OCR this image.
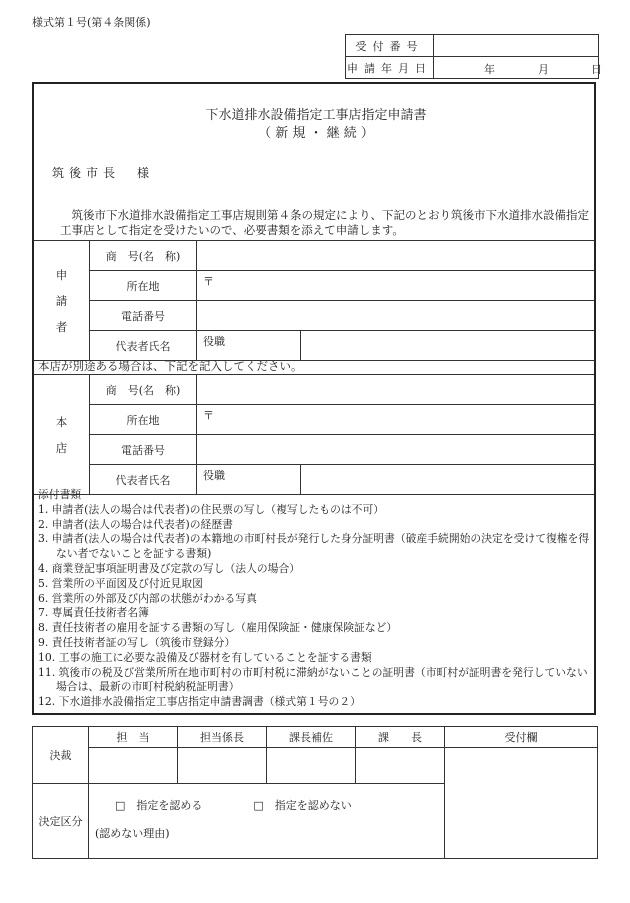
様式第１号(第４条関係)
受付番号	
申請年月日	年 月 日
下水道排水設備指定工事店指定申請書
（ 新 規 ・ 継 続 ）
筑後市長　様
　筑後市下水道排水設備指定工事店規則第４条の規定により、下記のとおり筑後市下水道排水設備指定工事店として指定を受けたいので、必要書類を添えて申請します。
申請者	商　号(名　称)		
	所在地	〒	
	電話番号		
	代表者氏名	役職	
本店が別途ある場合は、下記を記入してください。
本店	商　号(名　称)		
	所在地	〒	
	電話番号		
	代表者氏名	役職	
添付書類
1. 申請者(法人の場合は代表者)の住民票の写し（複写したものは不可）
2. 申請者(法人の場合は代表者)の経歴書
3. 申請者(法人の場合は代表者)の本籍地の市町村長が発行した身分証明書（破産手続開始の決定を受けて復権を得ない者でないことを証する書類)
4. 商業登記事項証明書及び定款の写し（法人の場合）
5. 営業所の平面図及び付近見取図
6. 営業所の外部及び内部の状態がわかる写真
7. 専属責任技術者名簿
8. 責任技術者の雇用を証する書類の写し（雇用保険証・健康保険証など）
9. 責任技術者証の写し（筑後市登録分）
10. 工事の施工に必要な設備及び器材を有していることを証する書類
11. 筑後市の税及び営業所所在地市町村の市町村税に滞納がないことの証明書（市町村が証明書を発行していない場合は、最新の市町村税納税証明書）
12. 下水道排水設備指定工事店指定申請書調書（様式第１号の２）
決裁	担　当	担当係長	課長補佐	課　　長	受付欄

決定区分	□　指定を認める □　指定を認めない				
	(認めない理由)				
